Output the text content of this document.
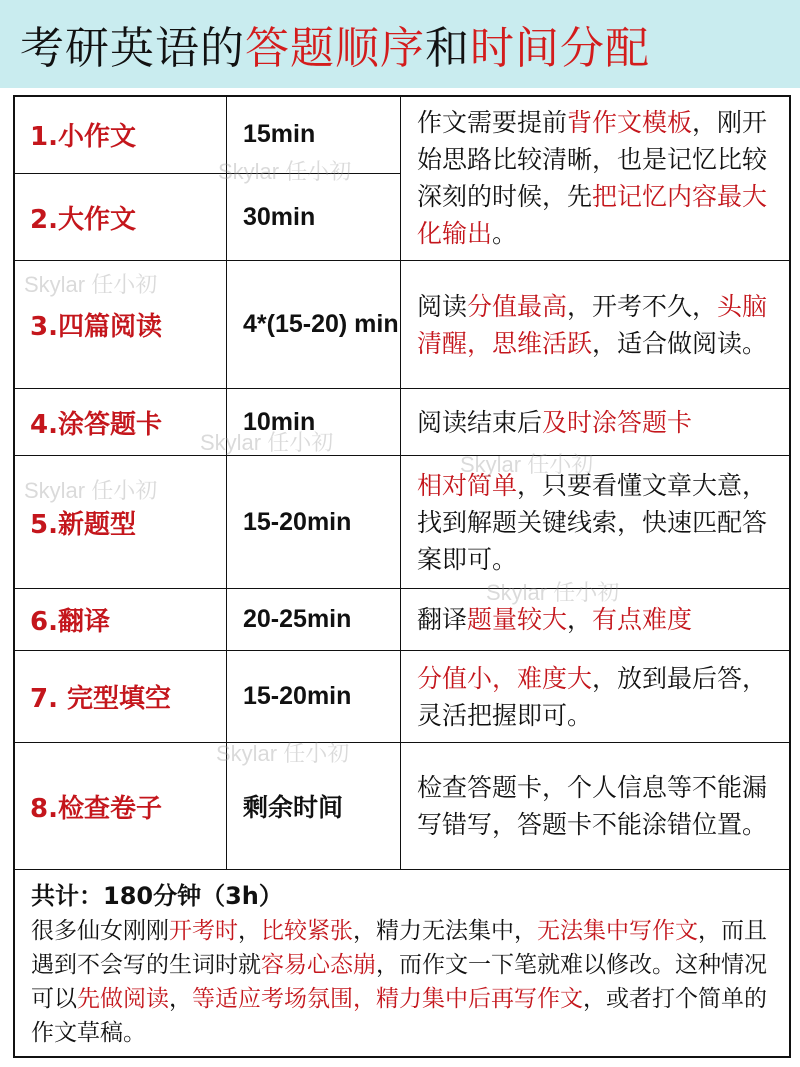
考研英语的 答题顺序 和 时间分配
1.小作文	15min	作文需要提前背作文模板，刚开始思路比较清晰，也是记忆比较深刻的时候，先把记忆内容最大化输出。
2.大作文	30min	
3.四篇阅读	4*(15-20) min	阅读分值最高，开考不久，头脑清醒，思维活跃，适合做阅读。
4.涂答题卡	10min	阅读结束后及时涂答题卡
5.新题型	15-20min	相对简单，只要看懂文章大意，找到解题关键线索，快速匹配答案即可。
6.翻译	20-25min	翻译题量较大，有点难度
7. 完型填空	15-20min	分值小，难度大，放到最后答，灵活把握即可。
8.检查卷子	剩余时间	检查答题卡，个人信息等不能漏写错写，答题卡不能涂错位置。
共计：180分钟（3h）
很多仙女刚刚开考时，比较紧张，精力无法集中，无法集中写作文，而且遇到不会写的生词时就容易心态崩，而作文一下笔就难以修改。这种情况可以先做阅读，等适应考场氛围，精力集中后再写作文，或者打个简单的作文草稿。
Skylar 任小初
Skylar 任小初
Skylar 任小初
Skylar 任小初
Skylar 任小初
Skylar 任小初
Skylar 任小初
